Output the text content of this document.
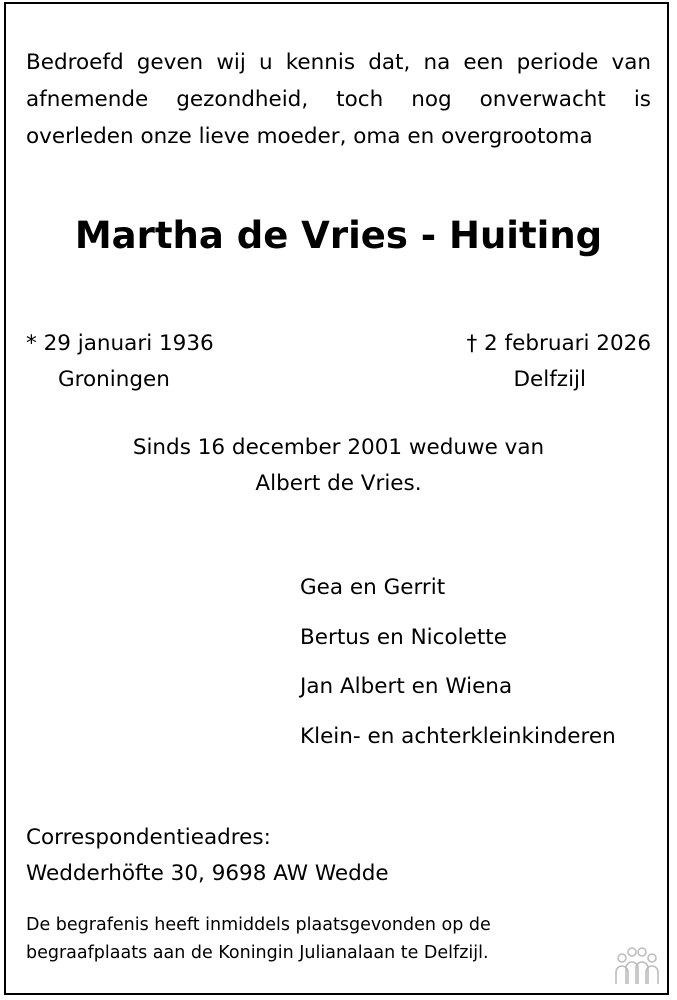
Bedroefd geven wij u kennis dat, na een periode van afnemende gezondheid, toch nog onverwacht is overleden onze lieve moeder, oma en overgrootoma
Martha de Vries - Huiting
* 29 januari 1936
Groningen
† 2 februari 2026
Delfzijl
Sinds 16 december 2001 weduwe van
Albert de Vries.
Gea en Gerrit
Bertus en Nicolette
Jan Albert en Wiena
Klein- en achterkleinkinderen
Correspondentieadres:
Wedderhöfte 30, 9698 AW Wedde
De begrafenis heeft inmiddels plaatsgevonden op de
begraafplaats aan de Koningin Julianalaan te Delfzijl.
